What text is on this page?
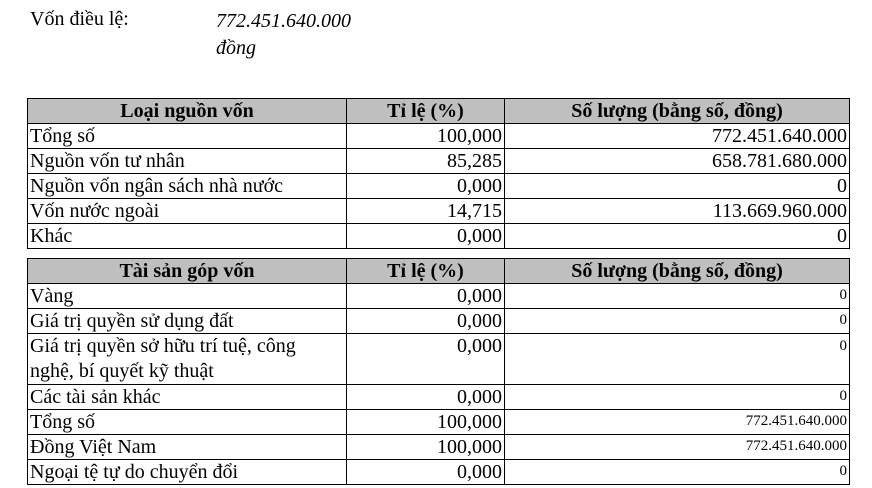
Vốn điều lệ:	772.451.640.000
đồng
Loại nguồn vốn	Tỉ lệ (%)	Số lượng (bằng số, đồng)
Tổng số	100,000	772.451.640.000
Nguồn vốn tư nhân	85,285	658.781.680.000
Nguồn vốn ngân sách nhà nước	0,000	0
Vốn nước ngoài	14,715	113.669.960.000
Khác	0,000	0
Tài sản góp vốn	Tỉ lệ (%)	Số lượng (bằng số, đồng)
Vàng	0,000	0
Giá trị quyền sử dụng đất	0,000	0
Giá trị quyền sở hữu trí tuệ, công nghệ, bí quyết kỹ thuật	0,000	0
Các tài sản khác	0,000	0
Tổng số	100,000	772.451.640.000
Đồng Việt Nam	100,000	772.451.640.000
Ngoại tệ tự do chuyển đổi	0,000	0
